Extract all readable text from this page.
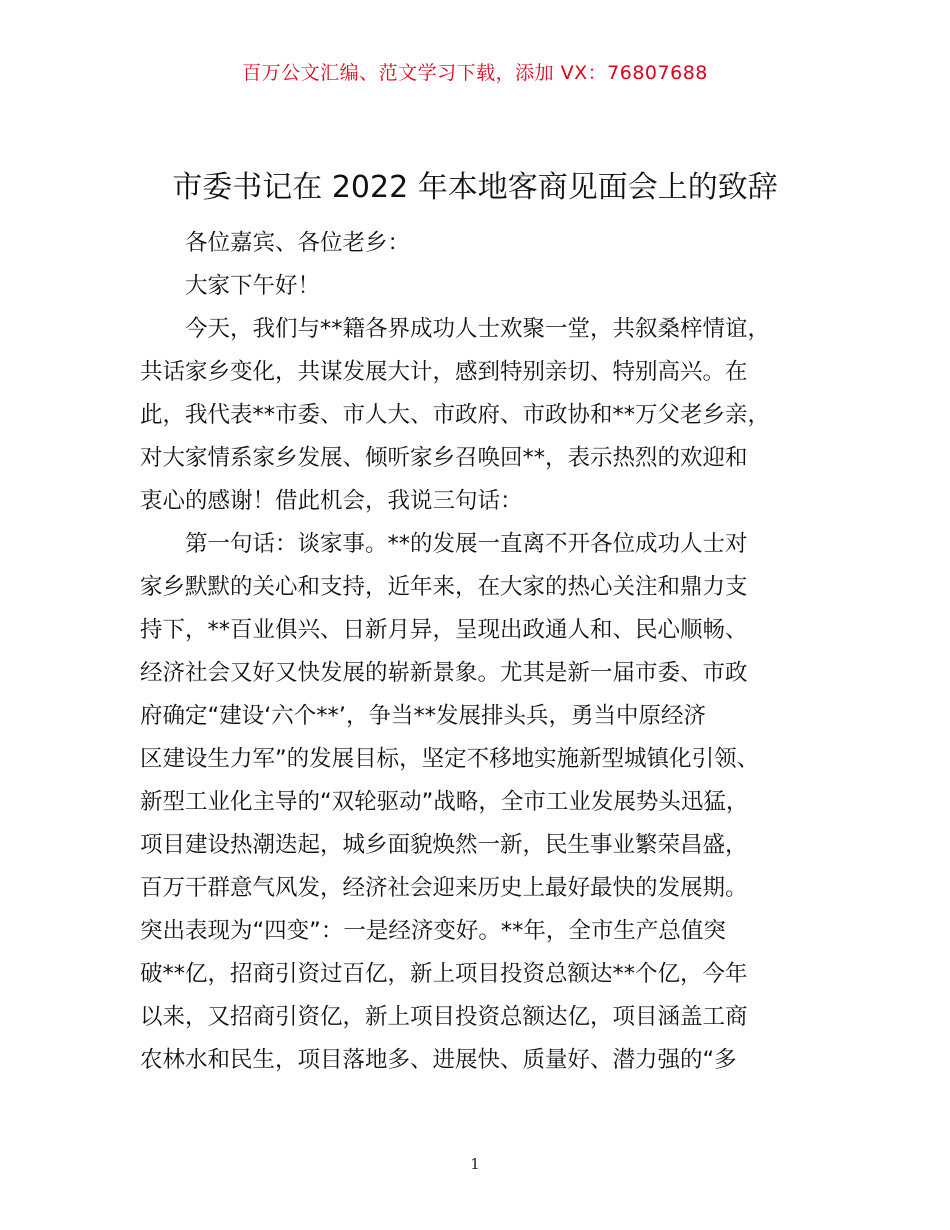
百万公文汇编、范文学习下载，添加 VX：76807688
市委书记在 2022 年本地客商见面会上的致辞
　　各位嘉宾、各位老乡：
　　大家下午好！
　　今天，我们与**籍各界成功人士欢聚一堂，共叙桑梓情谊，
共话家乡变化，共谋发展大计，感到特别亲切、特别高兴。在
此，我代表**市委、市人大、市政府、市政协和**万父老乡亲，
对大家情系家乡发展、倾听家乡召唤回**，表示热烈的欢迎和
衷心的感谢！借此机会，我说三句话：
　　第一句话：谈家事。**的发展一直离不开各位成功人士对
家乡默默的关心和支持，近年来，在大家的热心关注和鼎力支
持下，**百业俱兴、日新月异，呈现出政通人和、民心顺畅、
经济社会又好又快发展的崭新景象。尤其是新一届市委、市政
府确定“建设‘六个**’，争当**发展排头兵，勇当中原经济
区建设生力军”的发展目标，坚定不移地实施新型城镇化引领、
新型工业化主导的“双轮驱动”战略，全市工业发展势头迅猛，
项目建设热潮迭起，城乡面貌焕然一新，民生事业繁荣昌盛，
百万干群意气风发，经济社会迎来历史上最好最快的发展期。
突出表现为“四变”：一是经济变好。**年，全市生产总值突
破**亿，招商引资过百亿，新上项目投资总额达**个亿，今年
以来，又招商引资亿，新上项目投资总额达亿，项目涵盖工商
农林水和民生，项目落地多、进展快、质量好、潜力强的“多
1
